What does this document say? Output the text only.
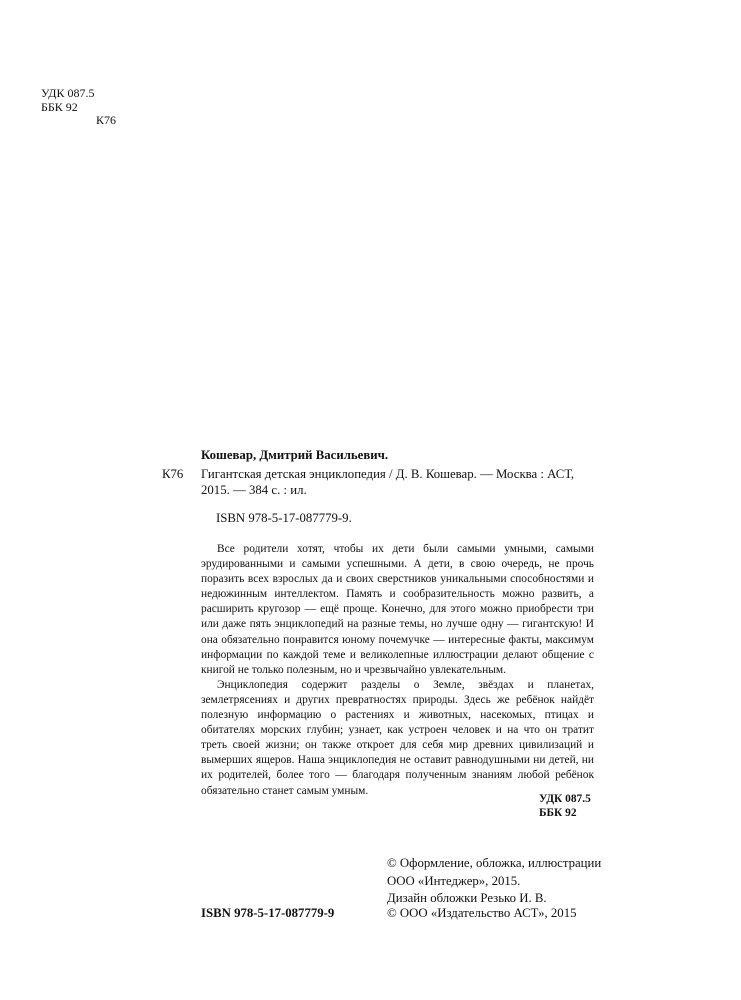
УДК 087.5
ББК 92
К76
Кошевар, Дмитрий Васильевич.
К76 Гигантская детская энциклопедия / Д. В. Кошевар. — Москва : АСТ,
2015. — 384 с. : ил.
ISBN 978-5-17-087779-9.

Все родители хотят, чтобы их дети были самыми умными, самыми эрудированными и самыми успешными. А дети, в свою очередь, не прочь поразить всех взрослых да и своих сверстников уникальными способностями и недюжинным интеллектом. Память и сообразительность можно развить, а расширить кругозор — ещё проще. Конечно, для этого можно приобрести три или даже пять энциклопедий на разные темы, но лучше одну — гигантскую! И она обязательно понравится юному почемучке — интересные факты, максимум информации по каждой теме и великолепные иллюстрации делают общение с книгой не только полезным, но и чрезвычайно увлекательным.

Энциклопедия содержит разделы о Земле, звёздах и планетах, землетрясениях и других превратностях природы. Здесь же ребёнок найдёт полезную информацию о растениях и животных, насекомых, птицах и обитателях морских глубин; узнает, как устроен человек и на что он тратит треть своей жизни; он также откроет для себя мир древних цивилизаций и вымерших ящеров. Наша энциклопедия не оставит равнодушными ни детей, ни их родителей, более того — благодаря полученным знаниям любой ребёнок обязательно станет самым умным.

УДК 087.5
ББК 92
© Оформление, обложка, иллюстрации
ООО «Интеджер», 2015.
Дизайн обложки Резько И. В.
ISBN 978-5-17-087779-9	© ООО «Издательство АСТ», 2015
